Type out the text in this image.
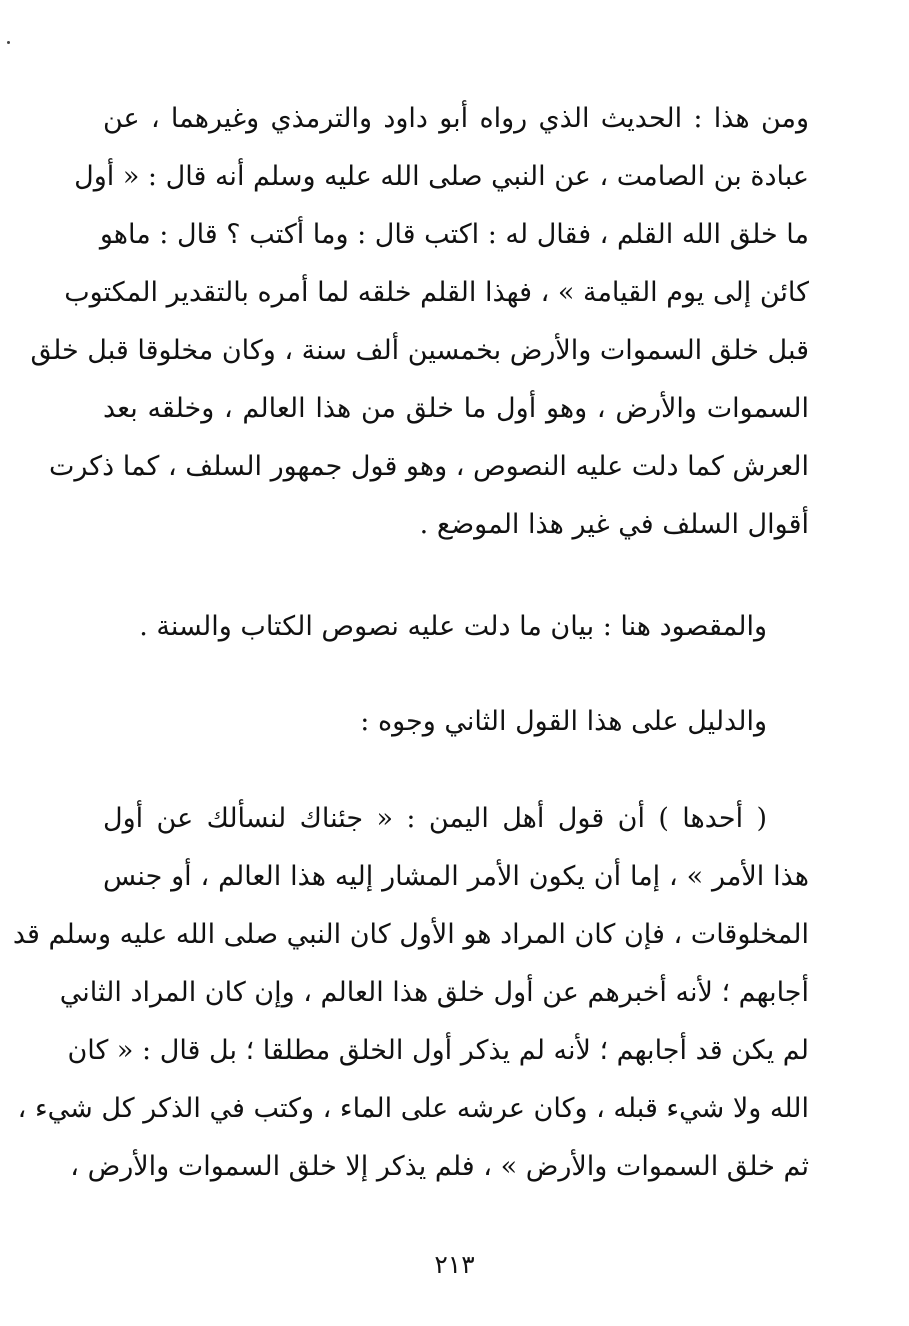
ومن هذا : الحديث الذي رواه أبو داود والترمذي وغيرهما ، عن
عبادة بن الصامت ، عن النبي صلى الله عليه وسلم أنه قال : « أول
ما خلق الله القلم ، فقال له : اكتب قال : وما أكتب ؟ قال : ماهو
كائن إلى يوم القيامة » ، فهذا القلم خلقه لما أمره بالتقدير المكتوب
قبل خلق السموات والأرض بخمسين ألف سنة ، وكان مخلوقا قبل خلق
السموات والأرض ، وهو أول ما خلق من هذا العالم ، وخلقه بعد
العرش كما دلت عليه النصوص ، وهو قول جمهور السلف ، كما ذكرت
أقوال السلف في غير هذا الموضع .
والمقصود هنا : بيان ما دلت عليه نصوص الكتاب والسنة .
والدليل على هذا القول الثاني وجوه :
( أحدها ) أن قول أهل اليمن : « جئناك لنسألك عن أول
هذا الأمر » ، إما أن يكون الأمر المشار إليه هذا العالم ، أو جنس
المخلوقات ، فإن كان المراد هو الأول كان النبي صلى الله عليه وسلم قد
أجابهم ؛ لأنه أخبرهم عن أول خلق هذا العالم ، وإن كان المراد الثاني
لم يكن قد أجابهم ؛ لأنه لم يذكر أول الخلق مطلقا ؛ بل قال : « كان
الله ولا شيء قبله ، وكان عرشه على الماء ، وكتب في الذكر كل شيء ،
ثم خلق السموات والأرض » ، فلم يذكر إلا خلق السموات والأرض ،
٢١٣
